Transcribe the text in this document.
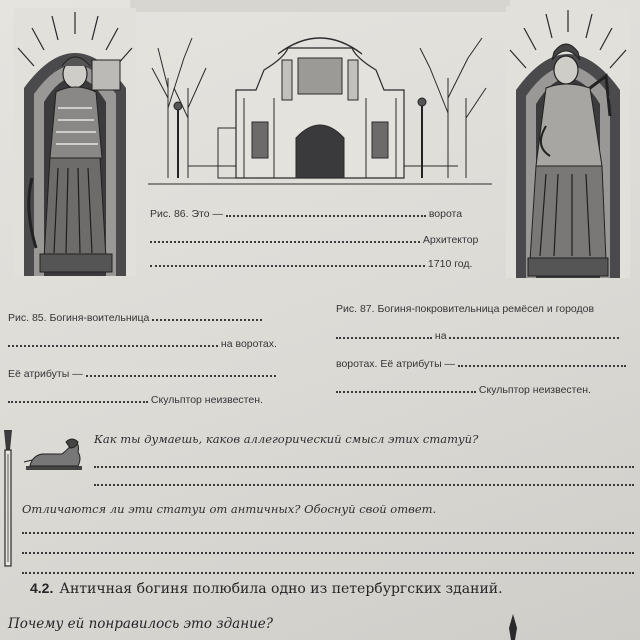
Рис. 86. Это —	ворота
Архитектор
1710 год.
Рис. 85. Богиня-воительница
на воротах.
Её атрибуты —
Скульптор неизвестен.
Рис. 87. Богиня-покровительница ремёсел и городов
на
воротах. Её атрибуты —
Скульптор неизвестен.
Как ты думаешь, каков аллегорический смысл этих статуй?
Отличаются ли эти статуи от античных? Обоснуй свой ответ.
4.2. Античная богиня полюбила одно из петербургских зданий.
Почему ей понравилось это здание?
